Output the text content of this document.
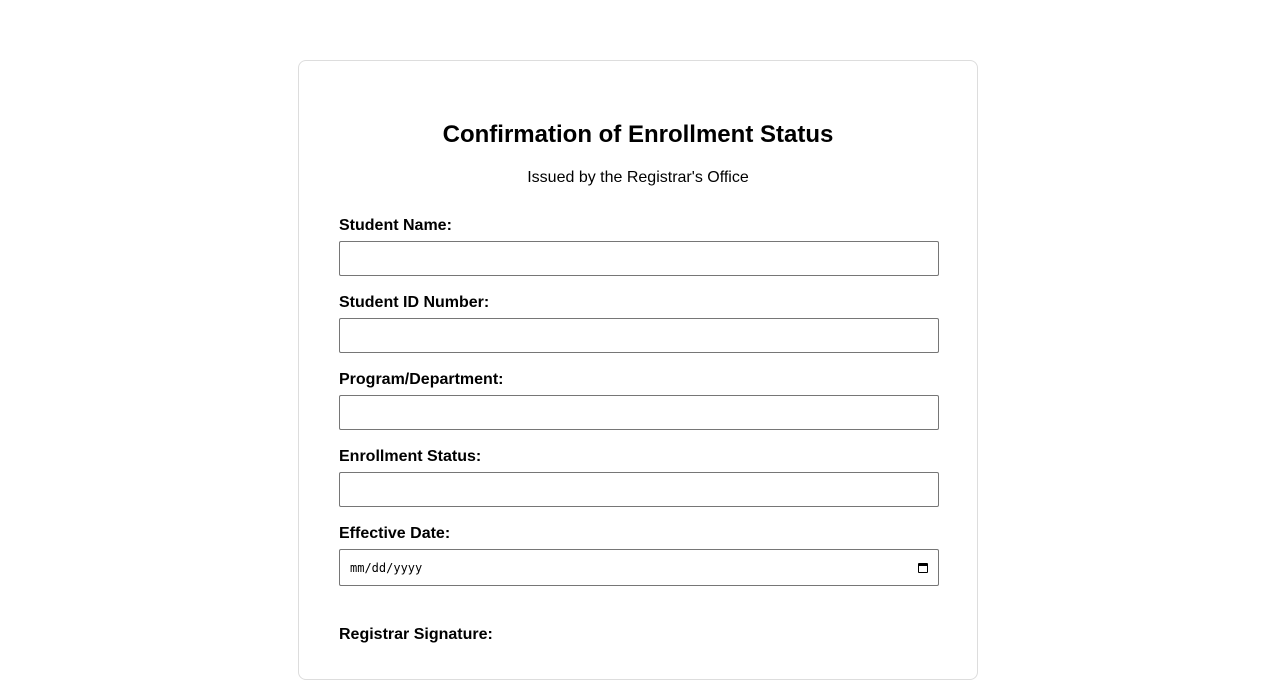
Confirmation of Enrollment Status

Issued by the Registrar's Office

Student Name:
Student ID Number:
Program/Department:
Enrollment Status:
Effective Date:
mm/dd/yyyy
Registrar Signature:
